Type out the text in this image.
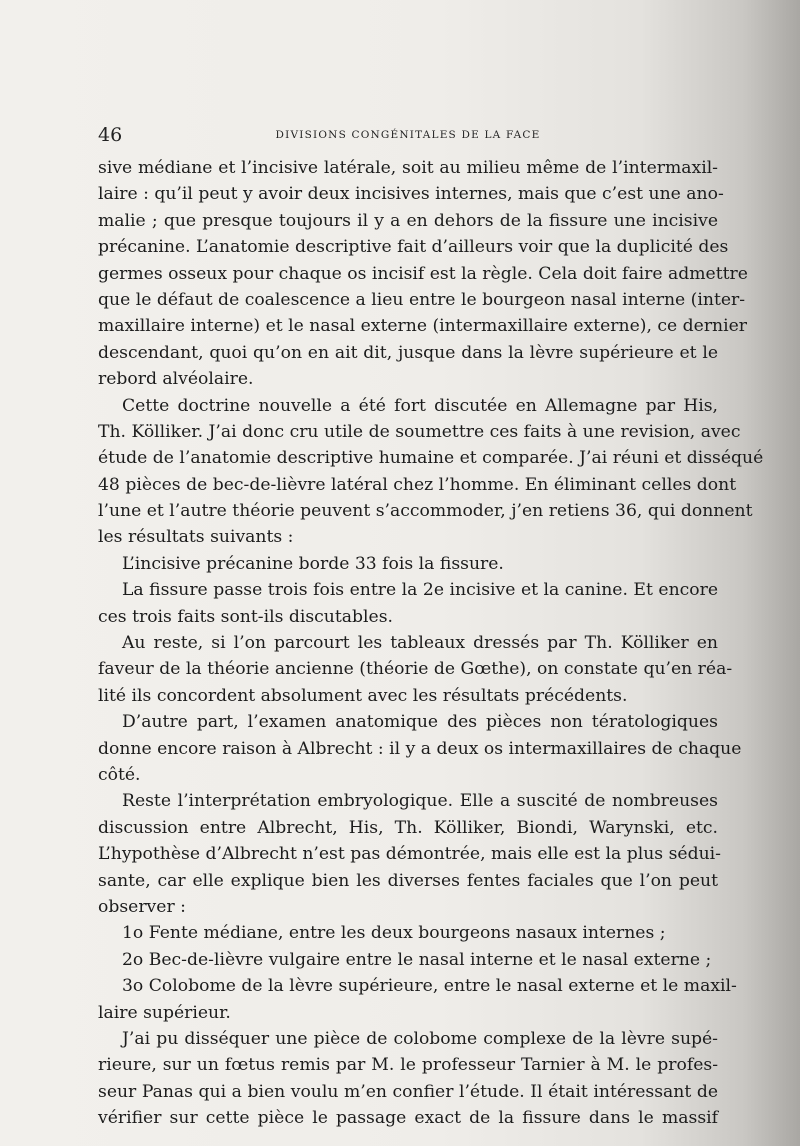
46	DIVISIONS CONGÉNITALES DE LA FACE
sive médiane et l’incisive latérale, soit au milieu même de l’intermaxil-
laire : qu’il peut y avoir deux incisives internes, mais que c’est une ano-
malie ; que presque toujours il y a en dehors de la fissure une incisive
précanine. L’anatomie descriptive fait d’ailleurs voir que la duplicité des
germes osseux pour chaque os incisif est la règle. Cela doit faire admettre
que le défaut de coalescence a lieu entre le bourgeon nasal interne (inter-
maxillaire interne) et le nasal externe (intermaxillaire externe), ce dernier
descendant, quoi qu’on en ait dit, jusque dans la lèvre supérieure et le
rebord alvéolaire.
Cette doctrine nouvelle a été fort discutée en Allemagne par His,
Th. Kölliker. J’ai donc cru utile de soumettre ces faits à une revision, avec
étude de l’anatomie descriptive humaine et comparée. J’ai réuni et disséqué
48 pièces de bec-de-lièvre latéral chez l’homme. En éliminant celles dont
l’une et l’autre théorie peuvent s’accommoder, j’en retiens 36, qui donnent
les résultats suivants :
L’incisive précanine borde 33 fois la fissure.
La fissure passe trois fois entre la 2e incisive et la canine. Et encore
ces trois faits sont-ils discutables.
Au reste, si l’on parcourt les tableaux dressés par Th. Kölliker en
faveur de la théorie ancienne (théorie de Gœthe), on constate qu’en réa-
lité ils concordent absolument avec les résultats précédents.
D’autre part, l’examen anatomique des pièces non tératologiques
donne encore raison à Albrecht : il y a deux os intermaxillaires de chaque
côté.
Reste l’interprétation embryologique. Elle a suscité de nombreuses
discussion entre Albrecht, His, Th. Kölliker, Biondi, Warynski, etc.
L’hypothèse d’Albrecht n’est pas démontrée, mais elle est la plus sédui-
sante, car elle explique bien les diverses fentes faciales que l’on peut
observer :
1o Fente médiane, entre les deux bourgeons nasaux internes ;
2o Bec-de-lièvre vulgaire entre le nasal interne et le nasal externe ;
3o Colobome de la lèvre supérieure, entre le nasal externe et le maxil-
laire supérieur.
J’ai pu disséquer une pièce de colobome complexe de la lèvre supé-
rieure, sur un fœtus remis par M. le professeur Tarnier à M. le profes-
seur Panas qui a bien voulu m’en confier l’étude. Il était intéressant de
vérifier sur cette pièce le passage exact de la fissure dans le massif
